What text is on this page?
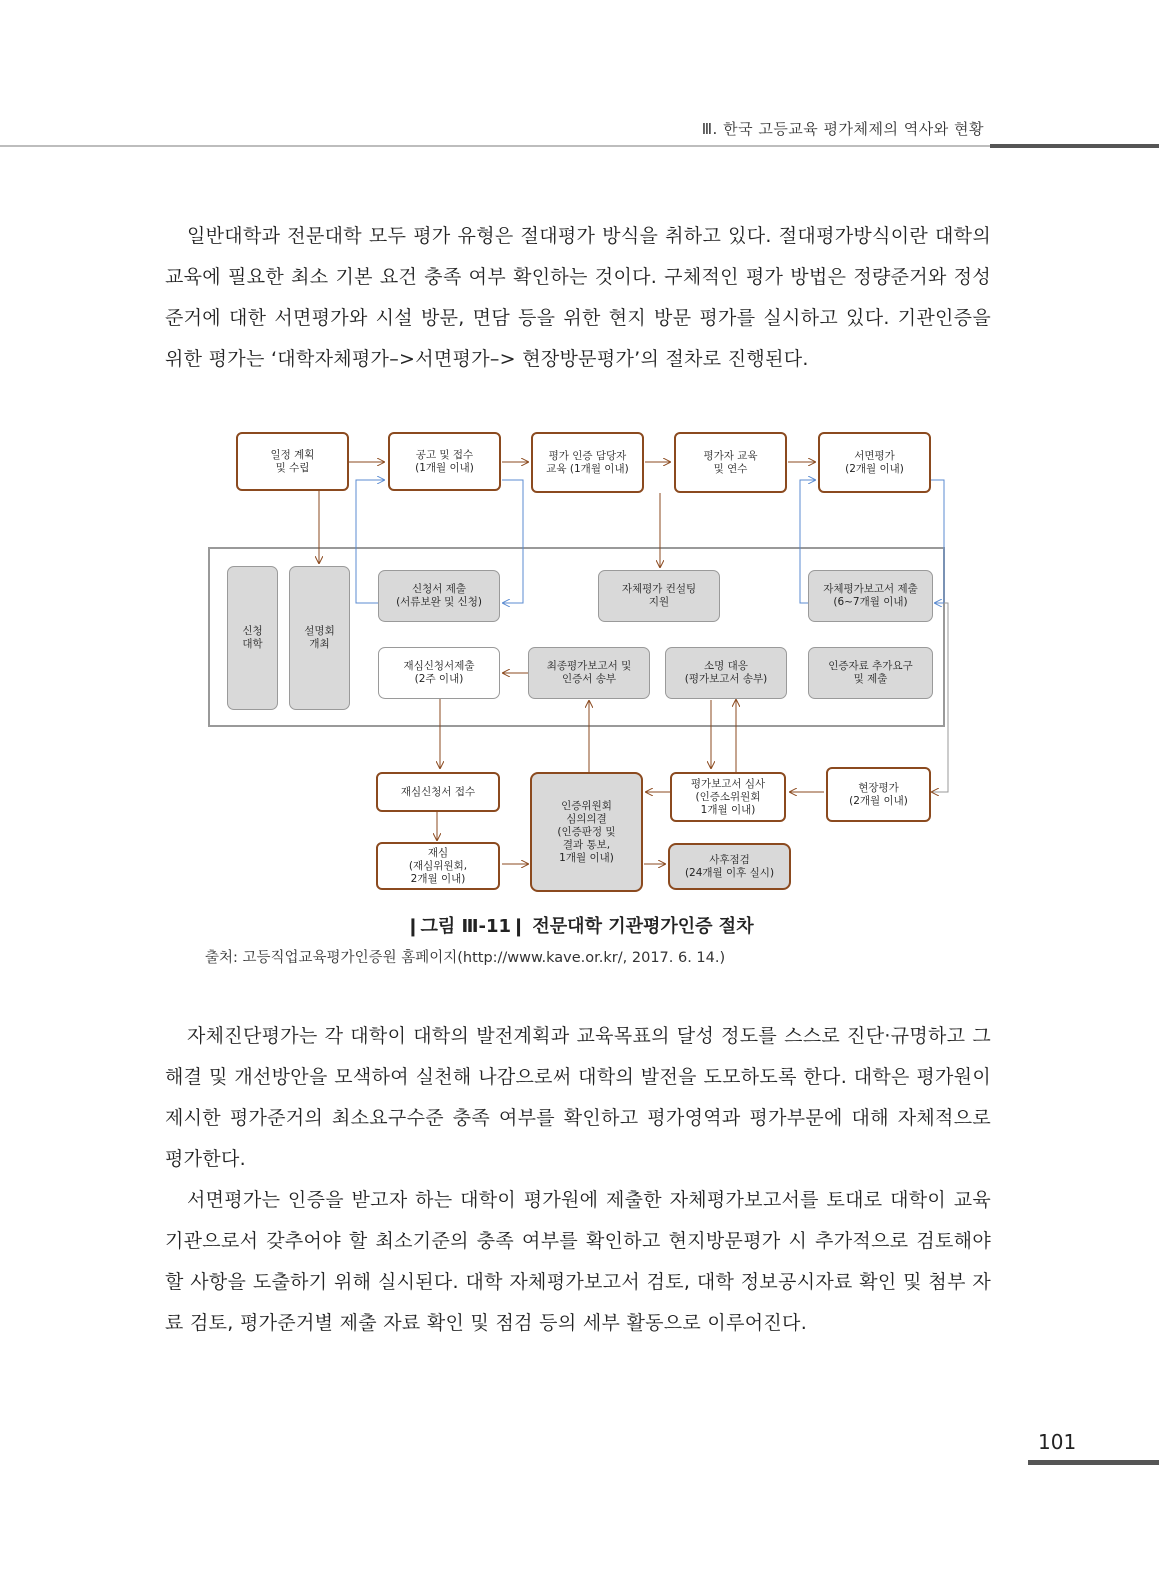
Ⅲ. 한국 고등교육 평가체제의 역사와 현황

일반대학과 전문대학 모두 평가 유형은 절대평가 방식을 취하고 있다. 절대평가방식이란 대학의 교육에 필요한 최소 기본 요건 충족 여부 확인하는 것이다. 구체적인 평가 방법은 정량준거와 정성준거에 대한 서면평가와 시설 방문, 면담 등을 위한 현지 방문 평가를 실시하고 있다. 기관인증을 위한 평가는 ‘대학자체평가–>서면평가–> 현장방문평가’의 절차로 진행된다.

일정 계획
및 수립
공고 및 접수
(1개월 이내)
평가 인증 담당자
교육 (1개월 이내)
평가자 교육
및 연수
서면평가
(2개월 이내)
신청
대학
설명회
개최
신청서 제출
(서류보완 및 신청)
자체평가 컨설팅
지원
자체평가보고서 제출
(6~7개월 이내)
재심신청서제출
(2주 이내)
최종평가보고서 및
인증서 송부
소명 대응
(평가보고서 송부)
인증자료 추가요구
및 제출
재심신청서 접수
재심
(재심위원회,
2개월 이내)
인증위원회
심의의결
(인증판정 및
결과 통보,
1개월 이내)
평가보고서 심사
(인증소위원회
1개월 이내)
현장평가
(2개월 이내)
사후점검
(24개월 이후 실시)
❙그림 Ⅲ-11❙ 전문대학 기관평가인증 절차
출처: 고등직업교육평가인증원 홈페이지(http://www.kave.or.kr/, 2017. 6. 14.)

자체진단평가는 각 대학이 대학의 발전계획과 교육목표의 달성 정도를 스스로 진단·규명하고 그 해결 및 개선방안을 모색하여 실천해 나감으로써 대학의 발전을 도모하도록 한다. 대학은 평가원이 제시한 평가준거의 최소요구수준 충족 여부를 확인하고 평가영역과 평가부문에 대해 자체적으로 평가한다.

서면평가는 인증을 받고자 하는 대학이 평가원에 제출한 자체평가보고서를 토대로 대학이 교육기관으로서 갖추어야 할 최소기준의 충족 여부를 확인하고 현지방문평가 시 추가적으로 검토해야 할 사항을 도출하기 위해 실시된다. 대학 자체평가보고서 검토, 대학 정보공시자료 확인 및 첨부 자료 검토, 평가준거별 제출 자료 확인 및 점검 등의 세부 활동으로 이루어진다.

101
